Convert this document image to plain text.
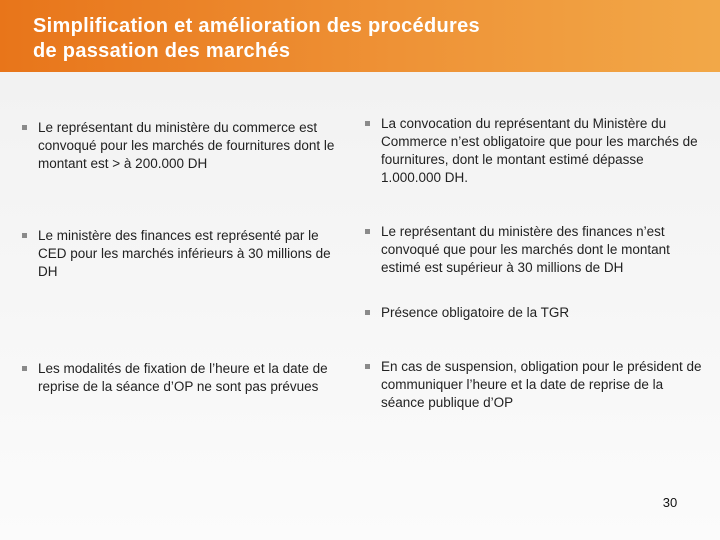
Simplification et amélioration des procédures
de passation des marchés
Le représentant du ministère du commerce est convoqué pour les marchés de fournitures dont le montant est > à 200.000 DH
Le ministère des finances est représenté par le CED pour les marchés inférieurs à 30 millions de DH
Les modalités de fixation de l’heure et la date de reprise de la séance d’OP ne sont pas prévues
La convocation du représentant du Ministère du Commerce n’est obligatoire que pour les marchés de fournitures, dont le montant estimé dépasse 1.000.000 DH.
Le représentant du ministère des finances n’est convoqué que pour les marchés dont le montant estimé est supérieur à 30 millions de DH
Présence obligatoire de la TGR
En cas de suspension, obligation pour le président de communiquer l’heure et la date de reprise de la séance publique d’OP
30
